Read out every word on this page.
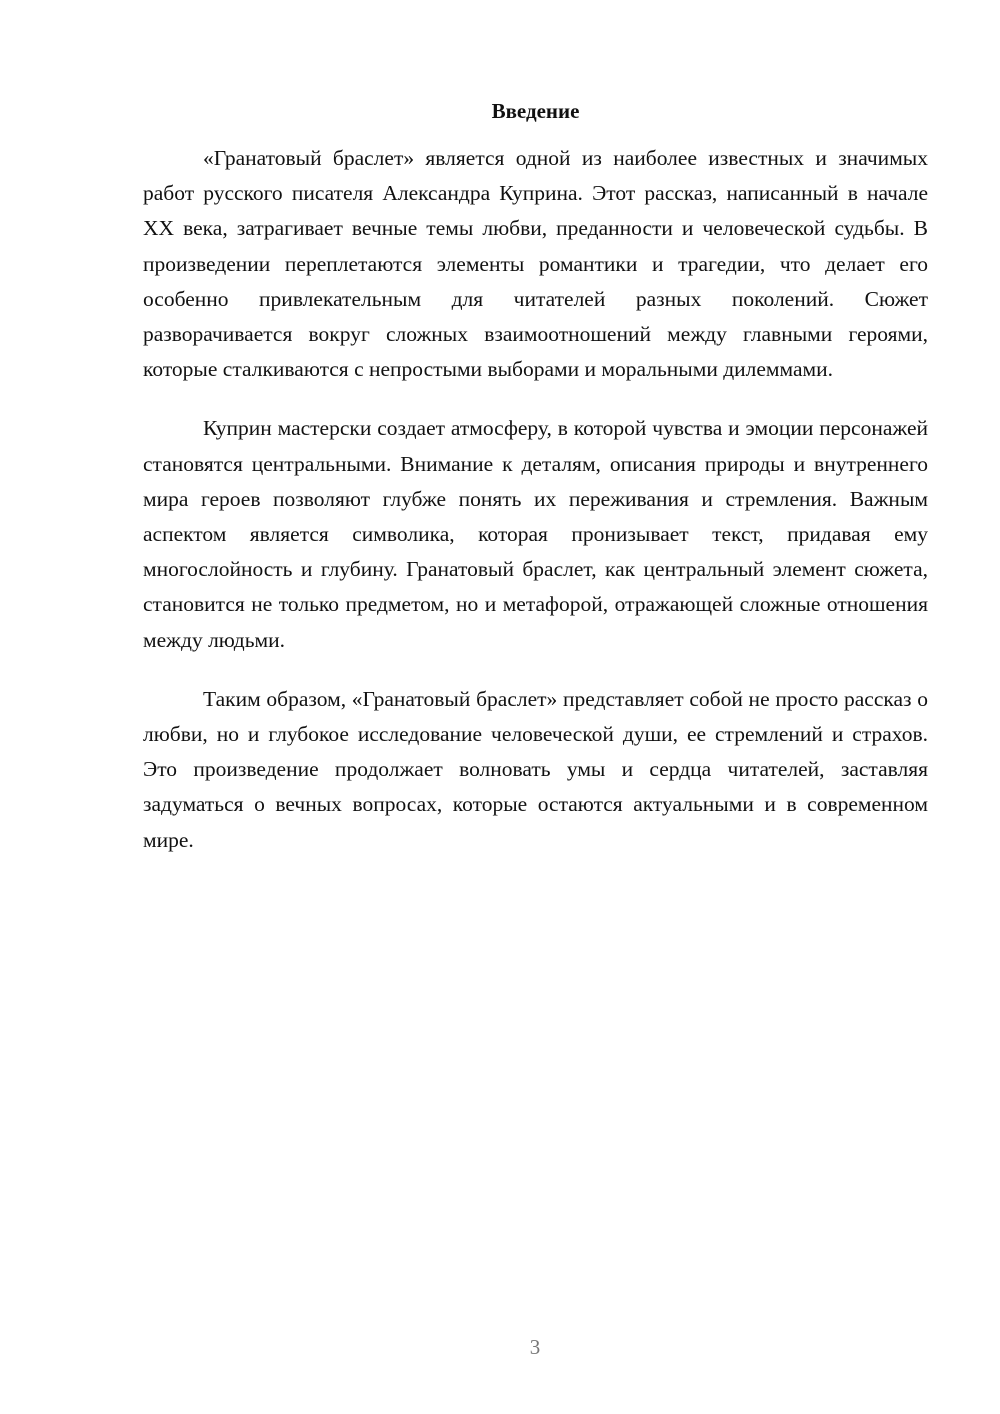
Введение

«Гранатовый браслет» является одной из наиболее известных и значимых работ русского писателя Александра Куприна. Этот рассказ, написанный в начале XX века, затрагивает вечные темы любви, преданности и человеческой судьбы. В произведении переплетаются элементы романтики и трагедии, что делает его особенно привлекательным для читателей разных поколений. Сюжет разворачивается вокруг сложных взаимоотношений между главными героями, которые сталкиваются с непростыми выборами и моральными дилеммами.

Куприн мастерски создает атмосферу, в которой чувства и эмоции персонажей становятся центральными. Внимание к деталям, описания природы и внутреннего мира героев позволяют глубже понять их переживания и стремления. Важным аспектом является символика, которая пронизывает текст, придавая ему многослойность и глубину. Гранатовый браслет, как центральный элемент сюжета, становится не только предметом, но и метафорой, отражающей сложные отношения между людьми.

Таким образом, «Гранатовый браслет» представляет собой не просто рассказ о любви, но и глубокое исследование человеческой души, ее стремлений и страхов. Это произведение продолжает волновать умы и сердца читателей, заставляя задуматься о вечных вопросах, которые остаются актуальными и в современном мире.

3
